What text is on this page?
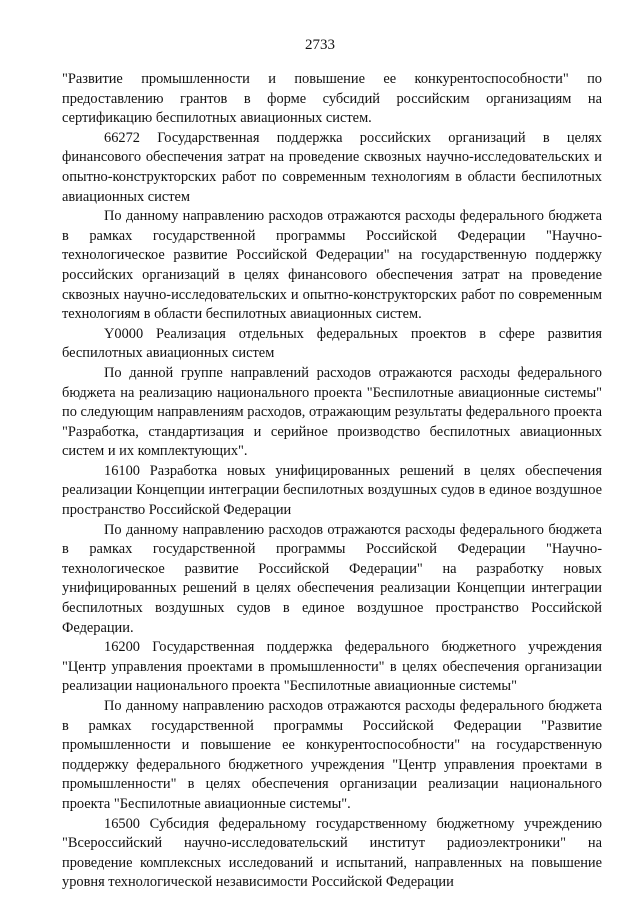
2733

"Развитие промышленности и повышение ее конкурентоспособности" по предоставлению грантов в форме субсидий российским организациям на сертификацию беспилотных авиационных систем.

66272 Государственная поддержка российских организаций в целях финансового обеспечения затрат на проведение сквозных научно-исследовательских и опытно-конструкторских работ по современным технологиям в области беспилотных авиационных систем

По данному направлению расходов отражаются расходы федерального бюджета в рамках государственной программы Российской Федерации "Научно-технологическое развитие Российской Федерации" на государственную поддержку российских организаций в целях финансового обеспечения затрат на проведение сквозных научно-исследовательских и опытно-конструкторских работ по современным технологиям в области беспилотных авиационных систем.

Y0000 Реализация отдельных федеральных проектов в сфере развития беспилотных авиационных систем

По данной группе направлений расходов отражаются расходы федерального бюджета на реализацию национального проекта "Беспилотные авиационные системы" по следующим направлениям расходов, отражающим результаты федерального проекта "Разработка, стандартизация и серийное производство беспилотных авиационных систем и их комплектующих".

16100 Разработка новых унифицированных решений в целях обеспечения реализации Концепции интеграции беспилотных воздушных судов в единое воздушное пространство Российской Федерации

По данному направлению расходов отражаются расходы федерального бюджета в рамках государственной программы Российской Федерации "Научно-технологическое развитие Российской Федерации" на разработку новых унифицированных решений в целях обеспечения реализации Концепции интеграции беспилотных воздушных судов в единое воздушное пространство Российской Федерации.

16200 Государственная поддержка федерального бюджетного учреждения "Центр управления проектами в промышленности" в целях обеспечения организации реализации национального проекта "Беспилотные авиационные системы"

По данному направлению расходов отражаются расходы федерального бюджета в рамках государственной программы Российской Федерации "Развитие промышленности и повышение ее конкурентоспособности" на государственную поддержку федерального бюджетного учреждения "Центр управления проектами в промышленности" в целях обеспечения организации реализации национального проекта "Беспилотные авиационные системы".

16500 Субсидия федеральному государственному бюджетному учреждению "Всероссийский научно-исследовательский институт радиоэлектроники" на проведение комплексных исследований и испытаний, направленных на повышение уровня технологической независимости Российской Федерации
